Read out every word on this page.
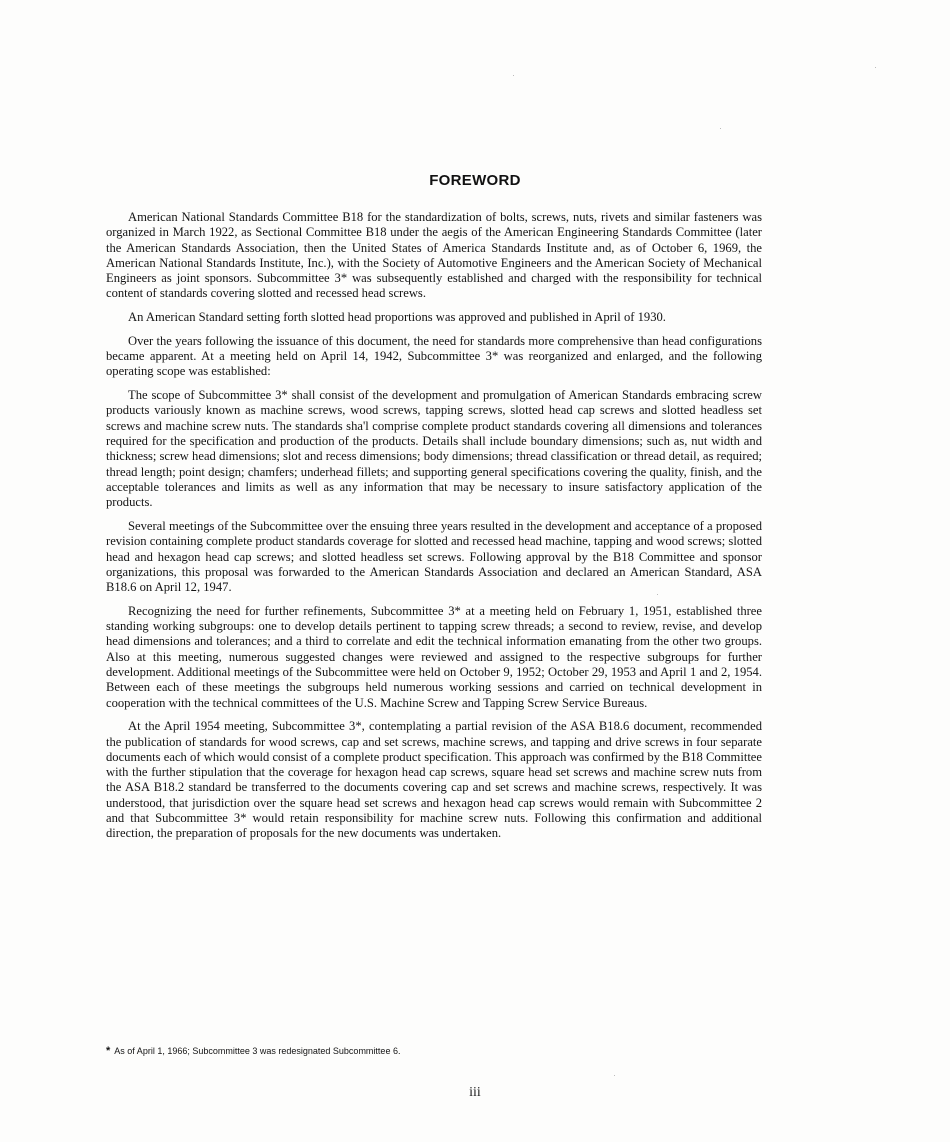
FOREWORD

American National Standards Committee B18 for the standardization of bolts, screws, nuts, rivets and similar fasteners was organized in March 1922, as Sectional Committee B18 under the aegis of the American Engineering Standards Committee (later the American Standards Association, then the United States of America Standards Institute and, as of October 6, 1969, the American National Standards Institute, Inc.), with the Society of Automotive Engineers and the American Society of Mechanical Engineers as joint sponsors. Subcommittee 3* was subsequently established and charged with the responsibility for technical content of standards covering slotted and recessed head screws.

An American Standard setting forth slotted head proportions was approved and published in April of 1930.

Over the years following the issuance of this document, the need for standards more comprehensive than head configurations became apparent. At a meeting held on April 14, 1942, Subcommittee 3* was reorganized and enlarged, and the following operating scope was established:

The scope of Subcommittee 3* shall consist of the development and promulgation of American Standards embracing screw products variously known as machine screws, wood screws, tapping screws, slotted head cap screws and slotted headless set screws and machine screw nuts. The standards sha'l comprise complete product standards covering all dimensions and tolerances required for the specification and production of the products. Details shall include boundary dimensions; such as, nut width and thickness; screw head dimensions; slot and recess dimensions; body dimensions; thread classification or thread detail, as required; thread length; point design; chamfers; underhead fillets; and supporting general specifications covering the quality, finish, and the acceptable tolerances and limits as well as any information that may be necessary to insure satisfactory application of the products.

Several meetings of the Subcommittee over the ensuing three years resulted in the development and acceptance of a proposed revision containing complete product standards coverage for slotted and recessed head machine, tapping and wood screws; slotted head and hexagon head cap screws; and slotted headless set screws. Following approval by the B18 Committee and sponsor organizations, this proposal was forwarded to the American Standards Association and declared an American Standard, ASA B18.6 on April 12, 1947.

Recognizing the need for further refinements, Subcommittee 3* at a meeting held on February 1, 1951, established three standing working subgroups: one to develop details pertinent to tapping screw threads; a second to review, revise, and develop head dimensions and tolerances; and a third to correlate and edit the technical information emanating from the other two groups. Also at this meeting, numerous suggested changes were reviewed and assigned to the respective subgroups for further development. Additional meetings of the Subcommittee were held on October 9, 1952; October 29, 1953 and April 1 and 2, 1954. Between each of these meetings the subgroups held numerous working sessions and carried on technical development in cooperation with the technical committees of the U.S. Machine Screw and Tapping Screw Service Bureaus.

At the April 1954 meeting, Subcommittee 3*, contemplating a partial revision of the ASA B18.6 document, recommended the publication of standards for wood screws, cap and set screws, machine screws, and tapping and drive screws in four separate documents each of which would consist of a complete product specification. This approach was confirmed by the B18 Committee with the further stipulation that the coverage for hexagon head cap screws, square head set screws and machine screw nuts from the ASA B18.2 standard be transferred to the documents covering cap and set screws and machine screws, respectively. It was understood, that jurisdiction over the square head set screws and hexagon head cap screws would remain with Subcommittee 2 and that Subcommittee 3* would retain responsibility for machine screw nuts. Following this confirmation and additional direction, the preparation of proposals for the new documents was undertaken.

* As of April 1, 1966; Subcommittee 3 was redesignated Subcommittee 6.
iii
